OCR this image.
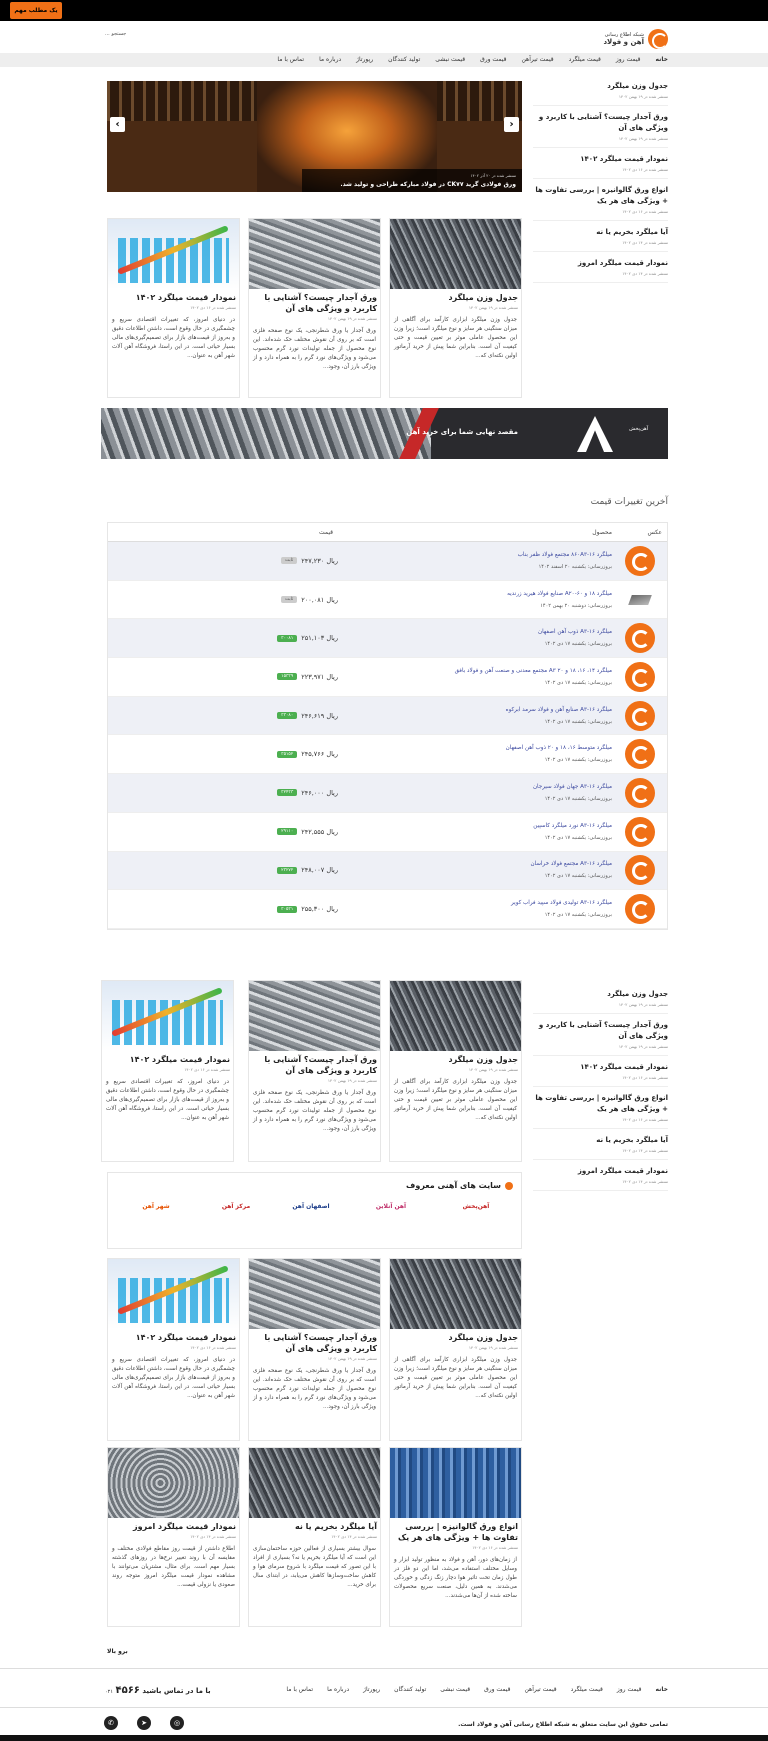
یک مطلب مهم
شبکه اطلاع رسانی
آهن و فولاد
جستجو ...
خانه
قیمت روز
قیمت میلگرد
قیمت تیرآهن
قیمت ورق
قیمت نبشی
تولید کنندگان
رپورتاژ
درباره ما
تماس با ما
جدول وزن میلگرد
منتشر شده در ۱۹ بهمن ۱۴۰۲
ورق آجدار چیست؟ آشنایی با کاربرد و ویژگی های آن
منتشر شده در ۱۹ بهمن ۱۴۰۲
نمودار قیمت میلگرد ۱۴۰۲
منتشر شده در ۱۶ دی ۱۴۰۲
انواع ورق گالوانیزه | بررسی تفاوت ها + ویژگی های هر یک
منتشر شده در ۱۶ دی ۱۴۰۲
آیا میلگرد بخریم یا نه
منتشر شده در ۱۴ دی ۱۴۰۲
نمودار قیمت میلگرد امروز
منتشر شده در ۱۴ دی ۱۴۰۲
منتشر شده در ۲۰ آذر ۱۴۰۲
ورق فولادی گرید CK۷۷ در فولاد مبارکه طراحی و تولید شد.
‹
›
جدول وزن میلگرد
منتشر شده در ۱۹ بهمن ۱۴۰۲
جدول وزن میلگرد ابزاری کارآمد برای آگاهی از میزان سنگینی هر سایز و نوع میلگرد است؛ زیرا وزن این محصول عاملی موثر بر تعیین قیمت و حتی کیفیت آن است. بنابراین شما پیش از خرید آرماتور اولین نکته‌ای که...
ورق آجدار چیست؟ آشنایی با کاربرد و ویژگی های آن
منتشر شده در ۱۹ بهمن ۱۴۰۲
ورق آجدار یا ورق شطرنجی، یک نوع صفحه فلزی است که بر روی آن نقوش مختلف حک شده‌اند. این نوع محصول از جمله تولیدات نورد گرم محسوب می‌شود و ویژگی‌های نورد گرم را به همراه دارد و از ویژگی بارز آن، وجود...
نمودار قیمت میلگرد ۱۴۰۲
منتشر شده در ۱۶ دی ۱۴۰۲
در دنیای امروز، که تغییرات اقتصادی سریع و چشمگیری در حال وقوع است، داشتن اطلاعات دقیق و به‌روز از قیمت‌های بازار برای تصمیم‌گیری‌های مالی بسیار حیاتی است. در این راستا، فروشگاه آهن آلات شهر آهن به عنوان...
مقصد نهایی شما برای خرید آهن	آهن‌پخش
آخرین تغییرات قیمت
عکس
محصول
قیمت
میلگرد ۱۶-۸۶۰A۳ مجتمع فولاد ظفر بناب
بروزرسانی: یکشنبه ۲۰ اسفند ۱۴۰۲
ثابت	۲۴۷,۲۳۰ ریال
میلگرد ۱۸ و ۶۰-A۲۰ صنایع فولاد هیرید زرندیه
بروزرسانی: دوشنبه ۲۰ بهمن ۱۴۰۲
ثابت	۲۰۰,۰۸۱ ریال
میلگرد ۱۶-A۳ ذوب آهن اصفهان
بروزرسانی: یکشنبه ۱۷ دی ۱۴۰۲
۳۰۰۸۱	۲۵۱,۱۰۳ ریال
میلگرد ۱۴، ۱۶، ۱۸ و ۲۰ A۳ مجتمع معدنی و صنعت آهن و فولاد بافق
بروزرسانی: یکشنبه ۱۷ دی ۱۴۰۲
۱۵۳۳۹	۲۲۳,۹۷۱ ریال
میلگرد ۱۶-A۳ صنایع آهن و فولاد سرمد ابرکوه
بروزرسانی: یکشنبه ۱۷ دی ۱۴۰۲
۳۳۰۸۰	۲۴۶,۶۱۹ ریال
میلگرد متوسط ۱۶، ۱۸ و ۲۰ ذوب آهن اصفهان
بروزرسانی: یکشنبه ۱۷ دی ۱۴۰۲
۳۵۱۵۲	۲۴۵,۷۶۶ ریال
میلگرد ۱۶-A۳ جهان فولاد سیرجان
بروزرسانی: یکشنبه ۱۷ دی ۱۴۰۲
۳۲۴۳۳	۲۴۶,۰۰۰ ریال
میلگرد ۱۶-A۳ نورد میلگرد کاسپین
بروزرسانی: یکشنبه ۱۷ دی ۱۴۰۲
۲۹۱۱۰	۲۴۲,۵۵۵ ریال
میلگرد ۱۶-A۳ مجتمع فولاد خراسان
بروزرسانی: یکشنبه ۱۷ دی ۱۴۰۲
۲۳۲۷۲	۲۴۸,۰۰۷ ریال
میلگرد ۱۶-A۳ تولیدی فولاد سپید فراب کویر
بروزرسانی: یکشنبه ۱۷ دی ۱۴۰۲
۳۰۵۳۱	۲۵۵,۳۰۰ ریال
جدول وزن میلگرد
منتشر شده در ۱۹ بهمن ۱۴۰۲
ورق آجدار چیست؟ آشنایی با کاربرد و ویژگی های آن
منتشر شده در ۱۹ بهمن ۱۴۰۲
نمودار قیمت میلگرد ۱۴۰۲
منتشر شده در ۱۶ دی ۱۴۰۲
انواع ورق گالوانیزه | بررسی تفاوت ها + ویژگی های هر یک
منتشر شده در ۱۶ دی ۱۴۰۲
آیا میلگرد بخریم یا نه
منتشر شده در ۱۴ دی ۱۴۰۲
نمودار قیمت میلگرد امروز
منتشر شده در ۱۴ دی ۱۴۰۲
جدول وزن میلگرد
منتشر شده در ۱۹ بهمن ۱۴۰۲
جدول وزن میلگرد ابزاری کارآمد برای آگاهی از میزان سنگینی هر سایز و نوع میلگرد است؛ زیرا وزن این محصول عاملی موثر بر تعیین قیمت و حتی کیفیت آن است. بنابراین شما پیش از خرید آرماتور اولین نکته‌ای که...
ورق آجدار چیست؟ آشنایی با کاربرد و ویژگی های آن
منتشر شده در ۱۹ بهمن ۱۴۰۲
ورق آجدار یا ورق شطرنجی، یک نوع صفحه فلزی است که بر روی آن نقوش مختلف حک شده‌اند. این نوع محصول از جمله تولیدات نورد گرم محسوب می‌شود و ویژگی‌های نورد گرم را به همراه دارد و از ویژگی بارز آن، وجود...
نمودار قیمت میلگرد ۱۴۰۲
منتشر شده در ۱۶ دی ۱۴۰۲
در دنیای امروز، که تغییرات اقتصادی سریع و چشمگیری در حال وقوع است، داشتن اطلاعات دقیق و به‌روز از قیمت‌های بازار برای تصمیم‌گیری‌های مالی بسیار حیاتی است. در این راستا، فروشگاه آهن آلات شهر آهن به عنوان...
سایت های آهنی معروف
آهن‌پخش
آهن آنلاین
اصفهان آهن
مرکز آهن
شهر آهن
جدول وزن میلگرد
منتشر شده در ۱۹ بهمن ۱۴۰۲
جدول وزن میلگرد ابزاری کارآمد برای آگاهی از میزان سنگینی هر سایز و نوع میلگرد است؛ زیرا وزن این محصول عاملی موثر بر تعیین قیمت و حتی کیفیت آن است. بنابراین شما پیش از خرید آرماتور اولین نکته‌ای که...
ورق آجدار چیست؟ آشنایی با کاربرد و ویژگی های آن
منتشر شده در ۱۹ بهمن ۱۴۰۲
ورق آجدار یا ورق شطرنجی، یک نوع صفحه فلزی است که بر روی آن نقوش مختلف حک شده‌اند. این نوع محصول از جمله تولیدات نورد گرم محسوب می‌شود و ویژگی‌های نورد گرم را به همراه دارد و از ویژگی بارز آن، وجود...
نمودار قیمت میلگرد ۱۴۰۲
منتشر شده در ۱۶ دی ۱۴۰۲
در دنیای امروز، که تغییرات اقتصادی سریع و چشمگیری در حال وقوع است، داشتن اطلاعات دقیق و به‌روز از قیمت‌های بازار برای تصمیم‌گیری‌های مالی بسیار حیاتی است. در این راستا، فروشگاه آهن آلات شهر آهن به عنوان...
انواع ورق گالوانیزه | بررسی تفاوت ها + ویژگی های هر یک
منتشر شده در ۱۶ دی ۱۴۰۲
از زمان‌های دور، آهن و فولاد به منظور تولید ابزار و وسایل مختلف استفاده می‌شد، اما این دو فلز در طول زمان تحت تاثیر هوا دچار زنگ زدگی و خوردگی می‌شدند. به همین دلیل، صنعت سریع محصولات ساخته شده از آن‌ها می‌شدند...
آیا میلگرد بخریم یا نه
منتشر شده در ۱۴ دی ۱۴۰۲
سوال بیشتر بسیاری از فعالین حوزه ساختمان‌سازی این است که آیا میلگرد بخریم یا نه؟ بسیاری از افراد با این تصور که قیمت میلگرد با شروع سرمای هوا و کاهش ساخت‌وسازها کاهش می‌یابد، در ابتدای سال برای خرید...
نمودار قیمت میلگرد امروز
منتشر شده در ۱۴ دی ۱۴۰۲
اطلاع داشتن از قیمت روز مقاطع فولادی مختلف و مقایسه آن با روند تغییر نرخ‌ها در روزهای گذشته بسیار مهم است. برای مثال، مشتریان می‌توانند با مشاهده نمودار قیمت میلگرد امروز متوجه روند صعودی یا نزولی قیمت...
برو بالا
خانه
قیمت روز
قیمت میلگرد
قیمت تیرآهن
قیمت ورق
قیمت نبشی
تولید کنندگان
رپورتاژ
درباره ما
تماس با ما
با ما در تماس باشید ۴۵۶۶ ۰۲۱
تمامی حقوق این سایت متعلق به شبکه اطلاع رسانی آهن و فولاد است.
◎
➤
✆
